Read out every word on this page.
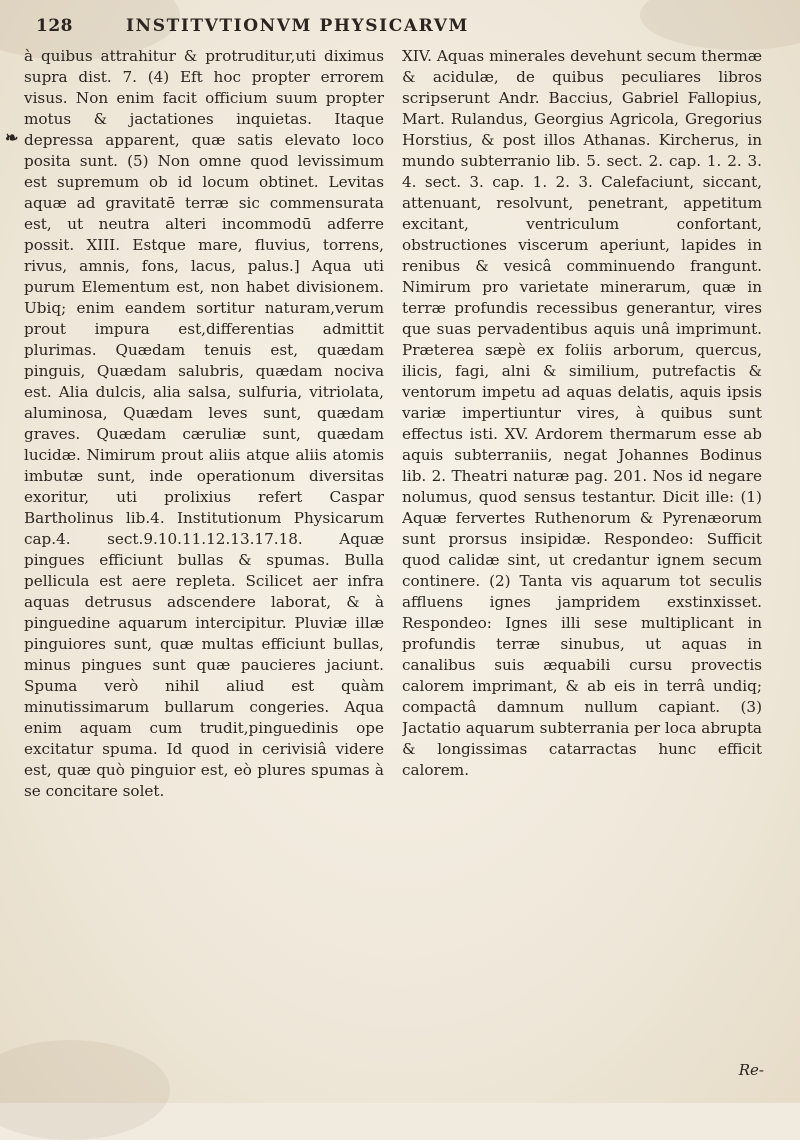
128	INSTITVTIONVM PHYSICARVM
❧

à quibus attrahitur & protruditur,uti diximus supra dist. 7. (4) Eft hoc propter errorem visus. Non enim facit officium suum propter motus & jactationes inquietas. Itaque depressa apparent, quæ satis elevato loco posita sunt. (5) Non omne quod levissimum est supremum ob id locum obtinet. Levitas aquæ ad gravitatē terræ sic commensurata est, ut neutra alteri incommodū adferre possit. XIII. Estque mare, fluvius, torrens, rivus, amnis, fons, lacus, palus.] Aqua uti purum Elementum est, non habet divisionem. Ubiq; enim eandem sortitur naturam,verum prout impura est,differentias admittit plurimas. Quædam tenuis est, quædam pinguis, Quædam salubris, quædam nociva est. Alia dulcis, alia salsa, sulfuria, vitriolata, aluminosa, Quædam leves sunt, quædam graves. Quædam cæruliæ sunt, quædam lucidæ. Nimirum prout aliis atque aliis atomis imbutæ sunt, inde operationum diversitas exoritur, uti prolixius refert Caspar Bartholinus lib.4. Institutionum Physicarum cap.4. sect.9.10.11.12.13.17.18. Aquæ pingues efficiunt bullas & spumas. Bulla pellicula est aere repleta. Scilicet aer infra aquas detrusus adscendere laborat, & à pinguedine aquarum intercipitur. Pluviæ illæ pinguiores sunt, quæ multas efficiunt bullas, minus pingues sunt quæ paucieres jaciunt. Spuma verò nihil aliud est quàm minutissimarum bullarum congeries. Aqua enim aquam cum trudit,pinguedinis ope excitatur spuma. Id quod in cerivisiâ videre est, quæ quò pinguior est, eò plures spumas à se concitare solet.

XIV. Aquas minerales devehunt secum thermæ & acidulæ, de quibus peculiares libros scripserunt Andr. Baccius, Gabriel Fallopius, Mart. Rulandus, Georgius Agricola, Gregorius Horstius, & post illos Athanas. Kircherus, in mundo subterranio lib. 5. sect. 2. cap. 1. 2. 3. 4. sect. 3. cap. 1. 2. 3. Calefaciunt, siccant, attenuant, resolvunt, penetrant, appetitum excitant, ventriculum confortant, obstructiones viscerum aperiunt, lapides in renibus & vesicâ comminuendo frangunt. Nimirum pro varietate minerarum, quæ in terræ profundis recessibus generantur, vires que suas pervadentibus aquis unâ imprimunt. Præterea sæpè ex foliis arborum, quercus, ilicis, fagi, alni & similium, putrefactis & ventorum impetu ad aquas delatis, aquis ipsis variæ impertiuntur vires, à quibus sunt effectus isti. XV. Ardorem thermarum esse ab aquis subterraniis, negat Johannes Bodinus lib. 2. Theatri naturæ pag. 201. Nos id negare nolumus, quod sensus testantur. Dicit ille: (1) Aquæ fervertes Ruthenorum & Pyrenæorum sunt prorsus insipidæ. Respondeo: Sufficit quod calidæ sint, ut credantur ignem secum continere. (2) Tanta vis aquarum tot seculis affluens ignes jampridem exstinxisset. Respondeo: Ignes illi sese multiplicant in profundis terræ sinubus, ut aquas in canalibus suis æquabili cursu provectis calorem imprimant, & ab eis in terrâ undiq; compactâ damnum nullum capiant. (3) Jactatio aquarum subterrania per loca abrupta & longissimas catarractas hunc efficit calorem.

Re-
